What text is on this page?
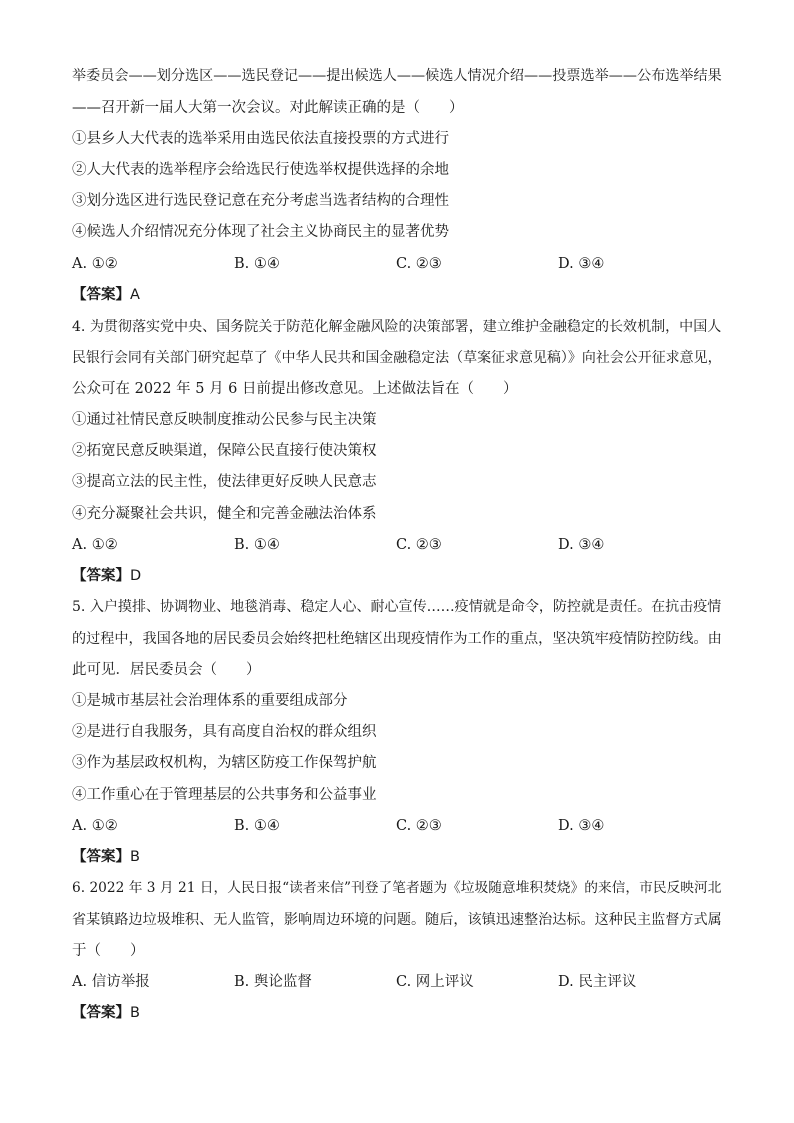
举委员会——划分选区——选民登记——提出候选人——候选人情况介绍——投票选举——公布选举结果
——召开新一届人大第一次会议。对此解读正确的是（　　）
①县乡人大代表的选举采用由选民依法直接投票的方式进行
②人大代表的选举程序会给选民行使选举权提供选择的余地
③划分选区进行选民登记意在充分考虑当选者结构的合理性
④候选人介绍情况充分体现了社会主义协商民主的显著优势
A. ①②	B. ①④	C. ②③	D. ③④
【答案】A
4. 为贯彻落实党中央、国务院关于防范化解金融风险的决策部署，建立维护金融稳定的长效机制，中国人
民银行会同有关部门研究起草了《中华人民共和国金融稳定法（草案征求意见稿）》向社会公开征求意见，
公众可在 2022 年 5 月 6 日前提出修改意见。上述做法旨在（　　）
①通过社情民意反映制度推动公民参与民主决策
②拓宽民意反映渠道，保障公民直接行使决策权
③提高立法的民主性，使法律更好反映人民意志
④充分凝聚社会共识，健全和完善金融法治体系
A. ①②	B. ①④	C. ②③	D. ③④
【答案】D
5. 入户摸排、协调物业、地毯消毒、稳定人心、耐心宣传……疫情就是命令，防控就是责任。在抗击疫情
的过程中，我国各地的居民委员会始终把杜绝辖区出现疫情作为工作的重点，坚决筑牢疫情防控防线。由
此可见．居民委员会（　　）
①是城市基层社会治理体系的重要组成部分
②是进行自我服务，具有高度自治权的群众组织
③作为基层政权机构，为辖区防疫工作保驾护航
④工作重心在于管理基层的公共事务和公益事业
A. ①②	B. ①④	C. ②③	D. ③④
【答案】B
6. 2022 年 3 月 21 日，人民日报“读者来信”刊登了笔者题为《垃圾随意堆积焚烧》的来信，市民反映河北
省某镇路边垃圾堆积、无人监管，影响周边环境的问题。随后，该镇迅速整治达标。这种民主监督方式属
于（　　）
A. 信访举报	B. 舆论监督	C. 网上评议	D. 民主评议
【答案】B
